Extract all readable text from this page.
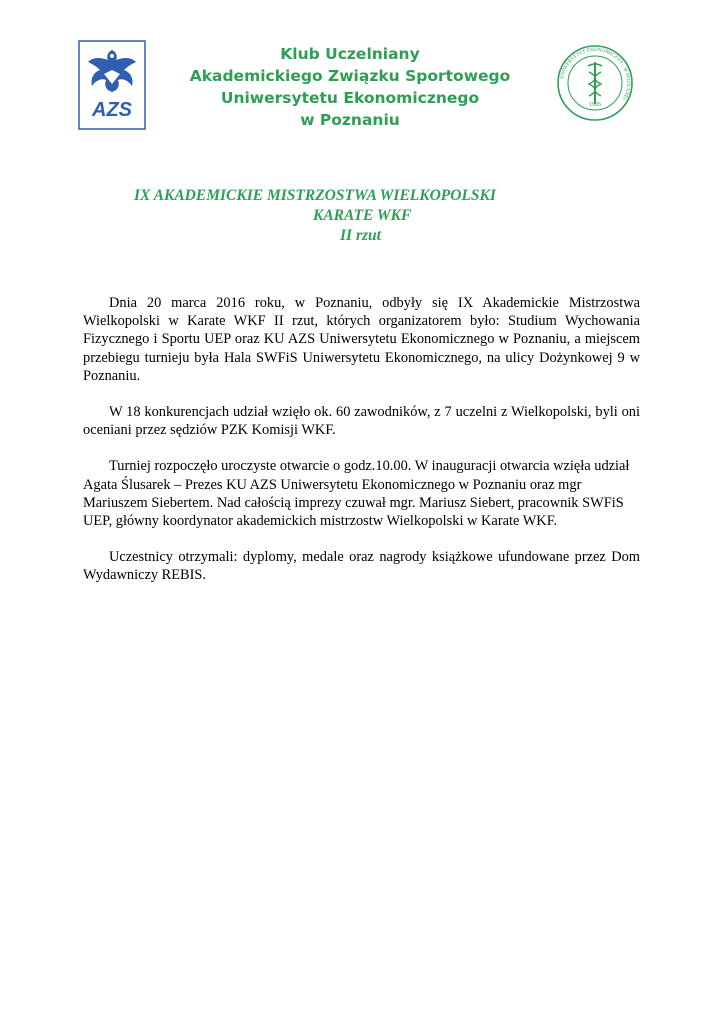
AZS
Klub Uczelniany
Akademickiego Związku Sportowego
Uniwersytetu Ekonomicznego
w Poznaniu
1926
UNIWERSYTET EKONOMICZNY · W POZNANIU
IX AKADEMICKIE MISTRZOSTWA WIELKOPOLSKI
KARATE WKF
II rzut

Dnia 20 marca 2016 roku, w Poznaniu, odbyły się IX Akademickie Mistrzostwa Wielkopolski w Karate WKF II rzut, których organizatorem było: Studium Wychowania Fizycznego i Sportu UEP oraz KU AZS Uniwersytetu Ekonomicznego w Poznaniu, a miejscem przebiegu turnieju była Hala SWFiS Uniwersytetu Ekonomicznego, na ulicy Dożynkowej 9 w Poznaniu.

W 18 konkurencjach udział wzięło ok. 60 zawodników, z 7 uczelni z Wielkopolski, byli oni oceniani przez sędziów PZK Komisji WKF.

Turniej rozpoczęło uroczyste otwarcie o godz.10.00. W inauguracji otwarcia wzięła udział Agata Ślusarek – Prezes KU AZS Uniwersytetu Ekonomicznego w Poznaniu oraz mgr Mariuszem Siebertem. Nad całością imprezy czuwał mgr. Mariusz Siebert, pracownik SWFiS UEP, główny koordynator akademickich mistrzostw Wielkopolski w Karate WKF.

Uczestnicy otrzymali: dyplomy, medale oraz nagrody książkowe ufundowane przez Dom Wydawniczy REBIS.
